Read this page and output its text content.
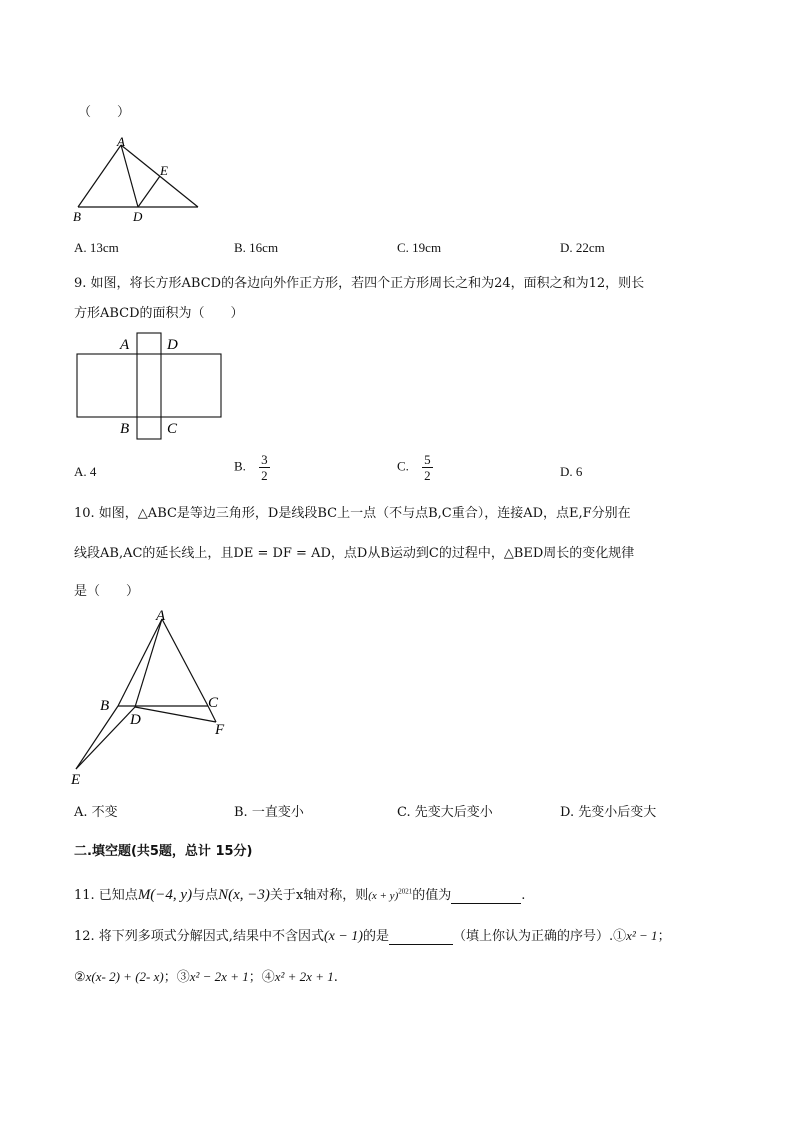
（　　）
A
E
B	D
A. 13cm	B. 16cm	C. 19cm	D. 22cm
9. 如图，将长方形ABCD的各边向外作正方形，若四个正方形周长之和为24，面积之和为12，则长
方形ABCD的面积为（　　）
A	D
B	C
A. 4	B. $\frac{3}{2}$	C. $\frac{5}{2}$	D. 6
10. 如图，△ABC是等边三角形，D是线段BC上一点（不与点B,C重合），连接AD，点E,F分别在
线段AB,AC的延长线上，且DE = DF = AD，点D从B运动到C的过程中，△BED周长的变化规律
是（　　）
A
B	C
D
F
E
A. 不变	B. 一直变小	C. 先变大后变小	D. 先变小后变大
二.填空题(共5题，总计 15分)
11. 已知点M(−4, y)与点N(x, −3)关于x轴对称，则$(x + y)^{2021}$的值为	.
12. 将下列多项式分解因式,结果中不含因式(x − 1)的是	（填上你认为正确的序号）.①x² − 1；
②x(x- 2) + (2- x)；③x² − 2x + 1；④x² + 2x + 1.
